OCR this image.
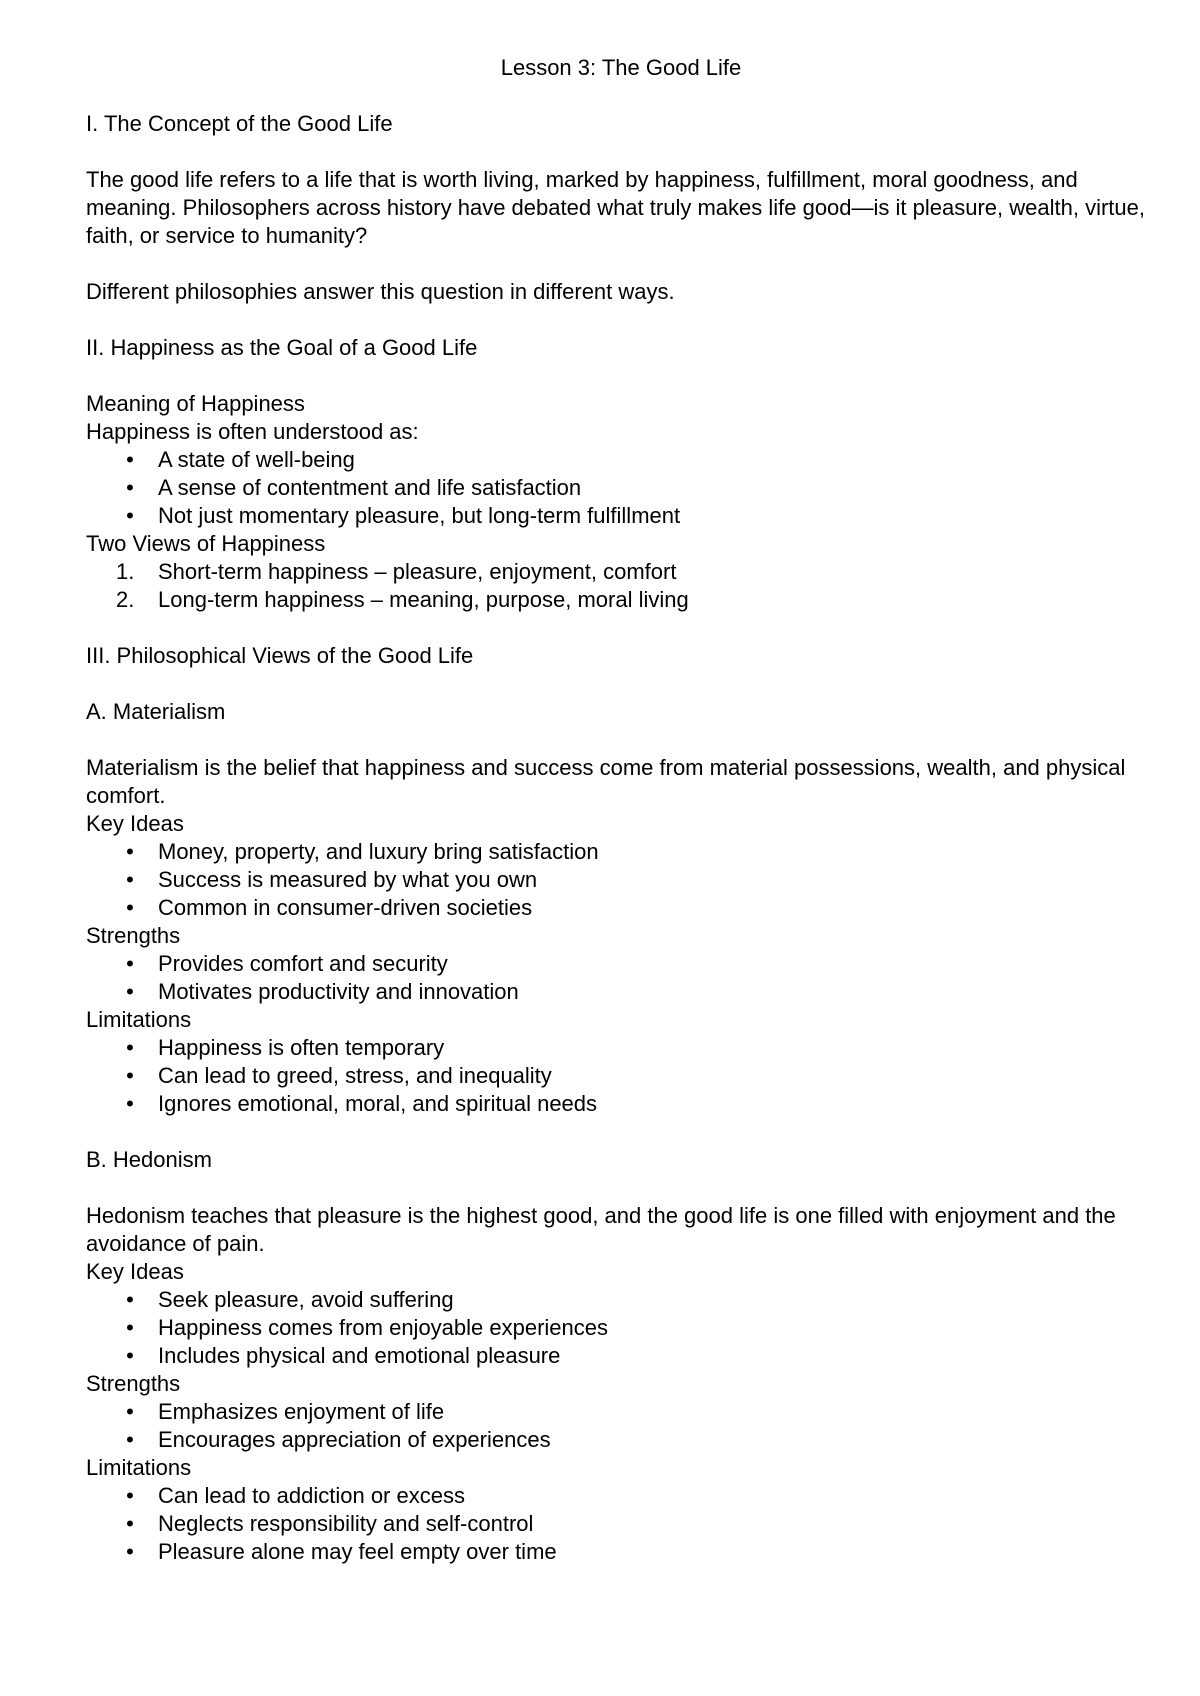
Lesson 3: The Good Life
I. The Concept of the Good Life
The good life refers to a life that is worth living, marked by happiness, fulfillment, moral goodness, and meaning. Philosophers across history have debated what truly makes life good—is it pleasure, wealth, virtue, faith, or service to humanity?
Different philosophies answer this question in different ways.
II. Happiness as the Goal of a Good Life
Meaning of Happiness
Happiness is often understood as:
• A state of well-being
• A sense of contentment and life satisfaction
• Not just momentary pleasure, but long-term fulfillment
Two Views of Happiness
1.	Short-term happiness – pleasure, enjoyment, comfort
2.	Long-term happiness – meaning, purpose, moral living
III. Philosophical Views of the Good Life
A. Materialism
Materialism is the belief that happiness and success come from material possessions, wealth, and physical comfort.
Key Ideas
• Money, property, and luxury bring satisfaction
• Success is measured by what you own
• Common in consumer-driven societies
Strengths
• Provides comfort and security
• Motivates productivity and innovation
Limitations
• Happiness is often temporary
• Can lead to greed, stress, and inequality
• Ignores emotional, moral, and spiritual needs
B. Hedonism
Hedonism teaches that pleasure is the highest good, and the good life is one filled with enjoyment and the avoidance of pain.
Key Ideas
• Seek pleasure, avoid suffering
• Happiness comes from enjoyable experiences
• Includes physical and emotional pleasure
Strengths
• Emphasizes enjoyment of life
• Encourages appreciation of experiences
Limitations
• Can lead to addiction or excess
• Neglects responsibility and self-control
• Pleasure alone may feel empty over time
